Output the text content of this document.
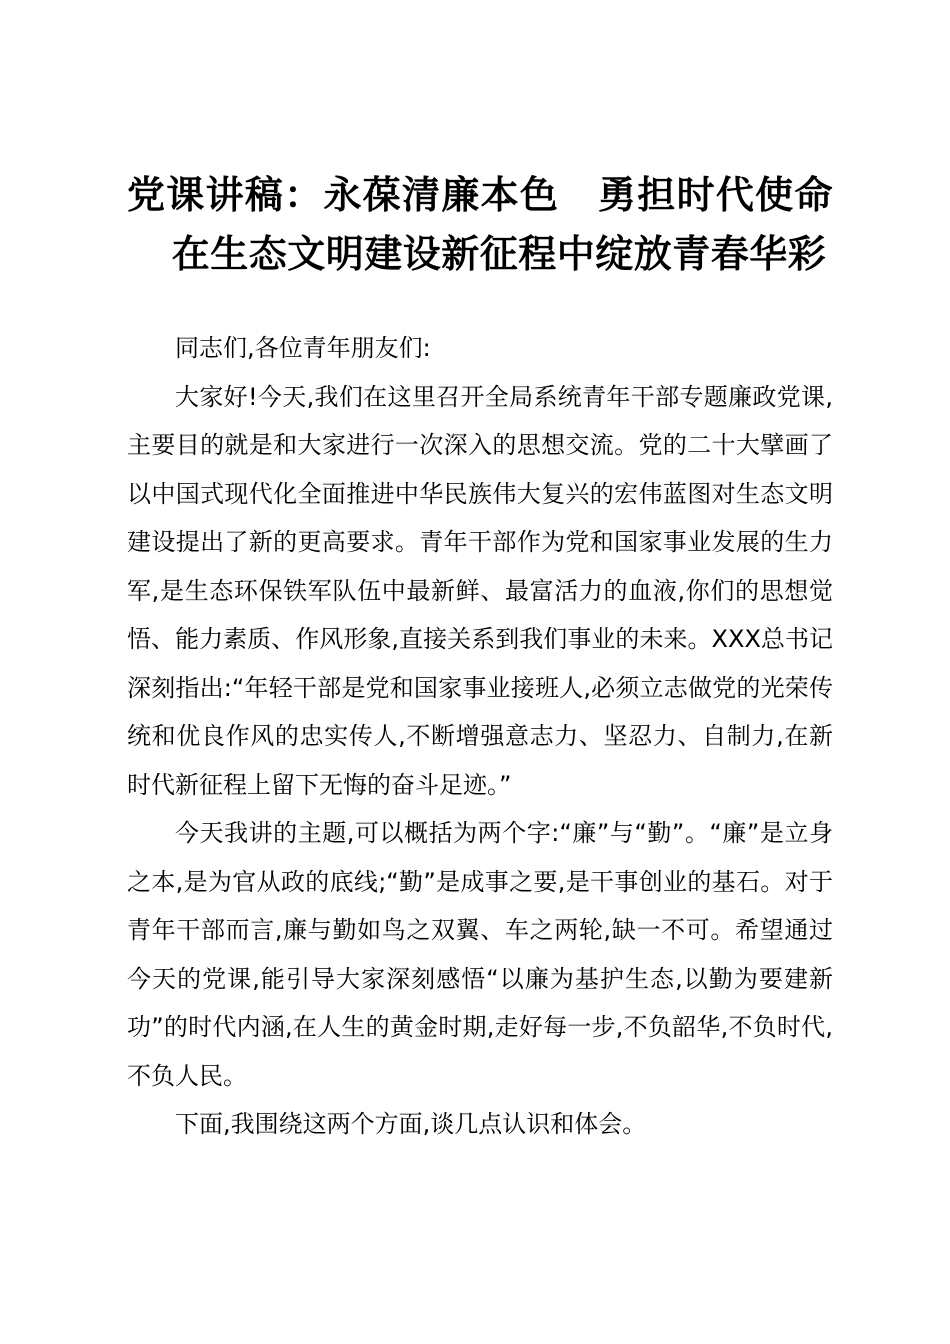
党课讲稿：永葆清廉本色 勇担时代使命在生态文明建设新征程中绽放青春华彩

同志们,各位青年朋友们:

大家好!今天,我们在这里召开全局系统青年干部专题廉政党课,主要目的就是和大家进行一次深入的思想交流。党的二十大擘画了以中国式现代化全面推进中华民族伟大复兴的宏伟蓝图对生态文明建设提出了新的更高要求。青年干部作为党和国家事业发展的生力军,是生态环保铁军队伍中最新鲜、最富活力的血液,你们的思想觉悟、能力素质、作风形象,直接关系到我们事业的未来。XXX总书记深刻指出:“年轻干部是党和国家事业接班人,必须立志做党的光荣传统和优良作风的忠实传人,不断增强意志力、坚忍力、自制力,在新时代新征程上留下无悔的奋斗足迹。”

今天我讲的主题,可以概括为两个字:“廉”与“勤”。“廉”是立身之本,是为官从政的底线;“勤”是成事之要,是干事创业的基石。对于青年干部而言,廉与勤如鸟之双翼、车之两轮,缺一不可。希望通过今天的党课,能引导大家深刻感悟“以廉为基护生态,以勤为要建新功”的时代内涵,在人生的黄金时期,走好每一步,不负韶华,不负时代,不负人民。

下面,我围绕这两个方面,谈几点认识和体会。
